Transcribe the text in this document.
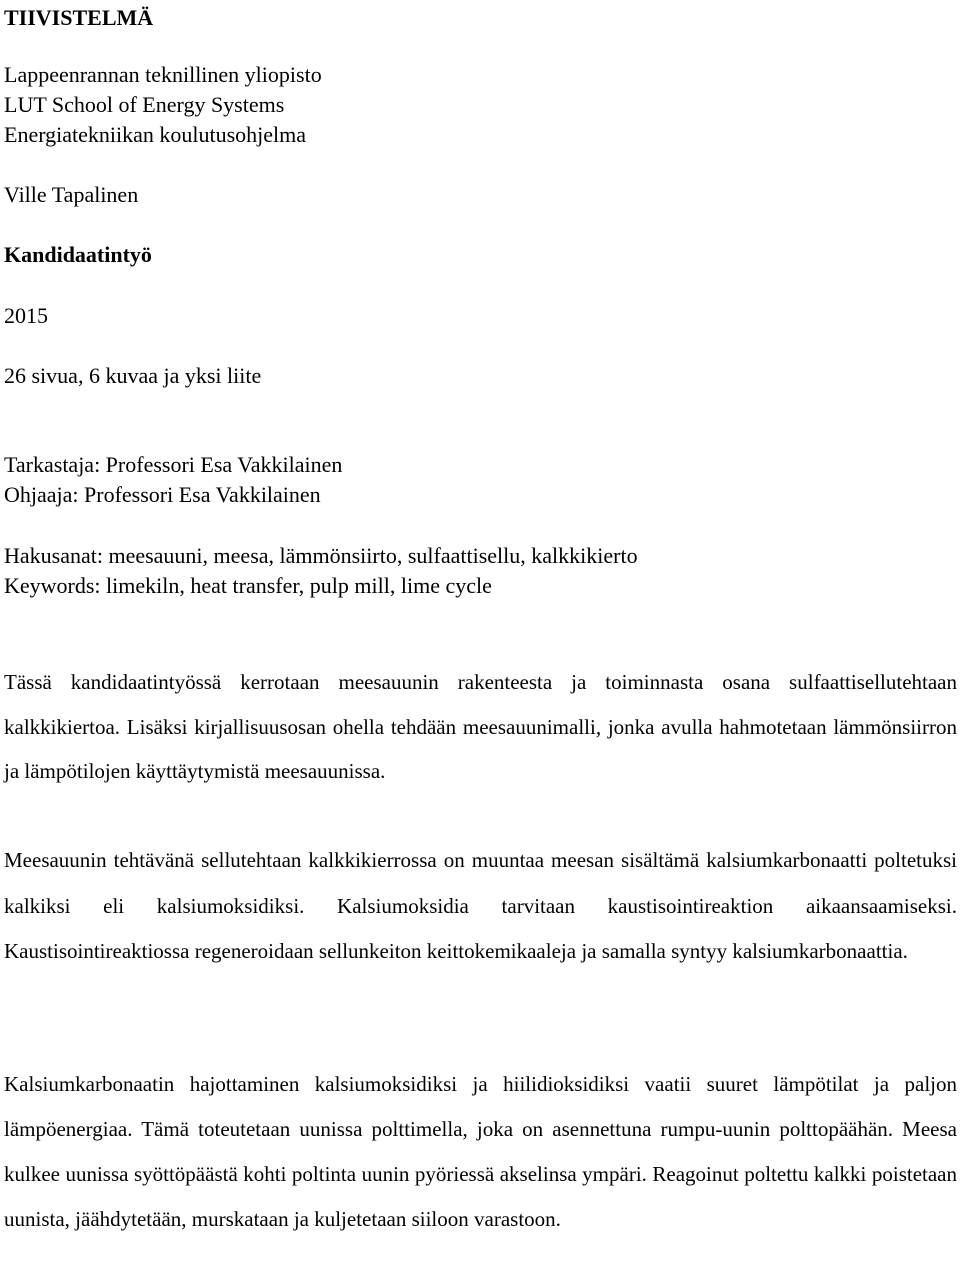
TIIVISTELMÄ

Lappeenrannan teknillinen yliopisto

LUT School of Energy Systems

Energiatekniikan koulutusohjelma

Ville Tapalinen

Kandidaatintyö

2015

26 sivua, 6 kuvaa ja yksi liite

Tarkastaja: Professori Esa Vakkilainen

Ohjaaja: Professori Esa Vakkilainen

Hakusanat: meesauuni, meesa, lämmönsiirto, sulfaattisellu, kalkkikierto

Keywords: limekiln, heat transfer, pulp mill, lime cycle

Tässä kandidaatintyössä kerrotaan meesauunin rakenteesta ja toiminnasta osana sulfaattisellutehtaan kalkkikiertoa. Lisäksi kirjallisuusosan ohella tehdään meesauunimalli, jonka avulla hahmotetaan lämmönsiirron ja lämpötilojen käyttäytymistä meesauunissa.

Meesauunin tehtävänä sellutehtaan kalkkikierrossa on muuntaa meesan sisältämä kalsiumkarbonaatti poltetuksi kalkiksi eli kalsiumoksidiksi. Kalsiumoksidia tarvitaan kaustisointireaktion aikaansaamiseksi. Kaustisointireaktiossa regeneroidaan sellunkeiton keittokemikaaleja ja samalla syntyy kalsiumkarbonaattia.

Kalsiumkarbonaatin hajottaminen kalsiumoksidiksi ja hiilidioksidiksi vaatii suuret lämpötilat ja paljon lämpöenergiaa. Tämä toteutetaan uunissa polttimella, joka on asennettuna rumpu-uunin polttopäähän. Meesa kulkee uunissa syöttöpäästä kohti poltinta uunin pyöriessä akselinsa ympäri. Reagoinut poltettu kalkki poistetaan uunista, jäähdytetään, murskataan ja kuljetetaan siiloon varastoon.
